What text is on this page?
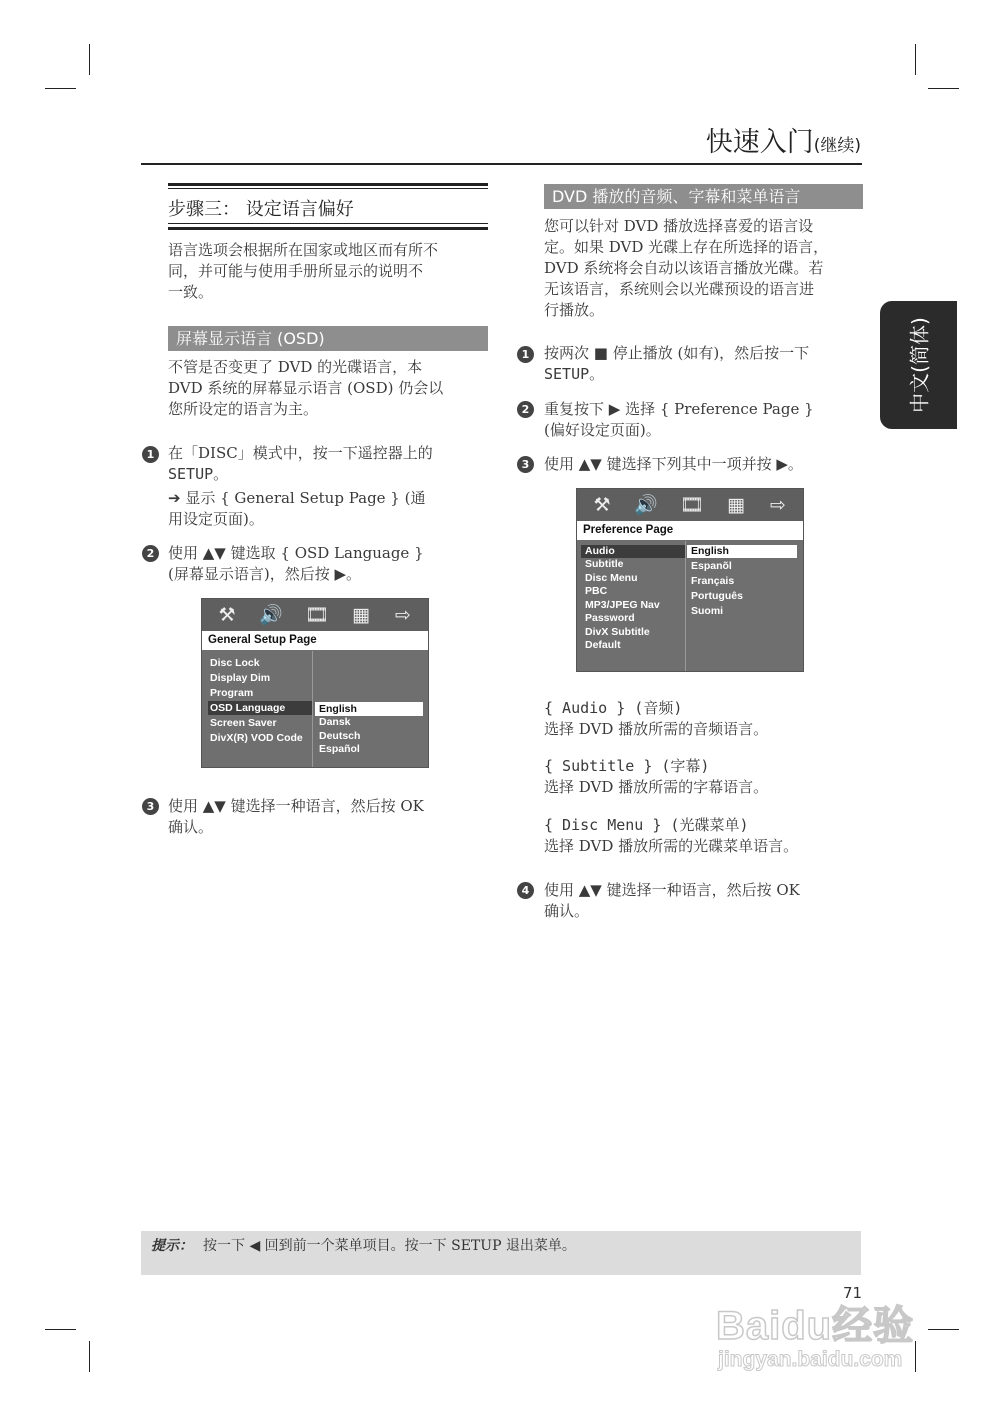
快速入门(继续)
中文(简体)
步骤三： 设定语言偏好
语言选项会根据所在国家或地区而有所不
同，并可能与使用手册所显示的说明不
一致。
屏幕显示语言 (OSD)
不管是否变更了 DVD 的光碟语言，本
DVD 系统的屏幕显示语言 (OSD) 仍会以
您所设定的语言为主。
1 在「DISC」模式中，按一下遥控器上的
SETUP。
➔ 显示 { General Setup Page } (通
用设定页面)。
2 使用 ▲▼ 键选取 { OSD Language }
(屏幕显示语言)，然后按 ▶。
⚒	🔊 🎞	▦	⇨
General Setup Page
Disc Lock
Display Dim
Program
OSD Language
Screen Saver
DivX(R) VOD Code
English
Dansk
Deutsch
Español
3 使用 ▲▼ 键选择一种语言，然后按 OK
确认。
DVD 播放的音频、字幕和菜单语言
您可以针对 DVD 播放选择喜爱的语言设
定。如果 DVD 光碟上存在所选择的语言，
DVD 系统将会自动以该语言播放光碟。若
无该语言，系统则会以光碟预设的语言进
行播放。
1 按两次 ■ 停止播放 (如有)，然后按一下
SETUP。
2 重复按下 ▶ 选择 { Preference Page }
(偏好设定页面)。
3 使用 ▲▼ 键选择下列其中一项并按 ▶。
⚒	🔊 🎞	▦	⇨
Preference Page
Audio
Subtitle
Disc Menu
PBC
MP3/JPEG Nav
Password
DivX Subtitle
Default
English
Espanõl
Français
Português
Suomi
{ Audio } (音频)
选择 DVD 播放所需的音频语言。
{ Subtitle } (字幕)
选择 DVD 播放所需的字幕语言。
{ Disc Menu } (光碟菜单)
选择 DVD 播放所需的光碟菜单语言。
4 使用 ▲▼ 键选择一种语言，然后按 OK
确认。
提示： 按一下 ◀ 回到前一个菜单项目。按一下 SETUP 退出菜单。
71
Baidu经验
jingyan.baidu.com
